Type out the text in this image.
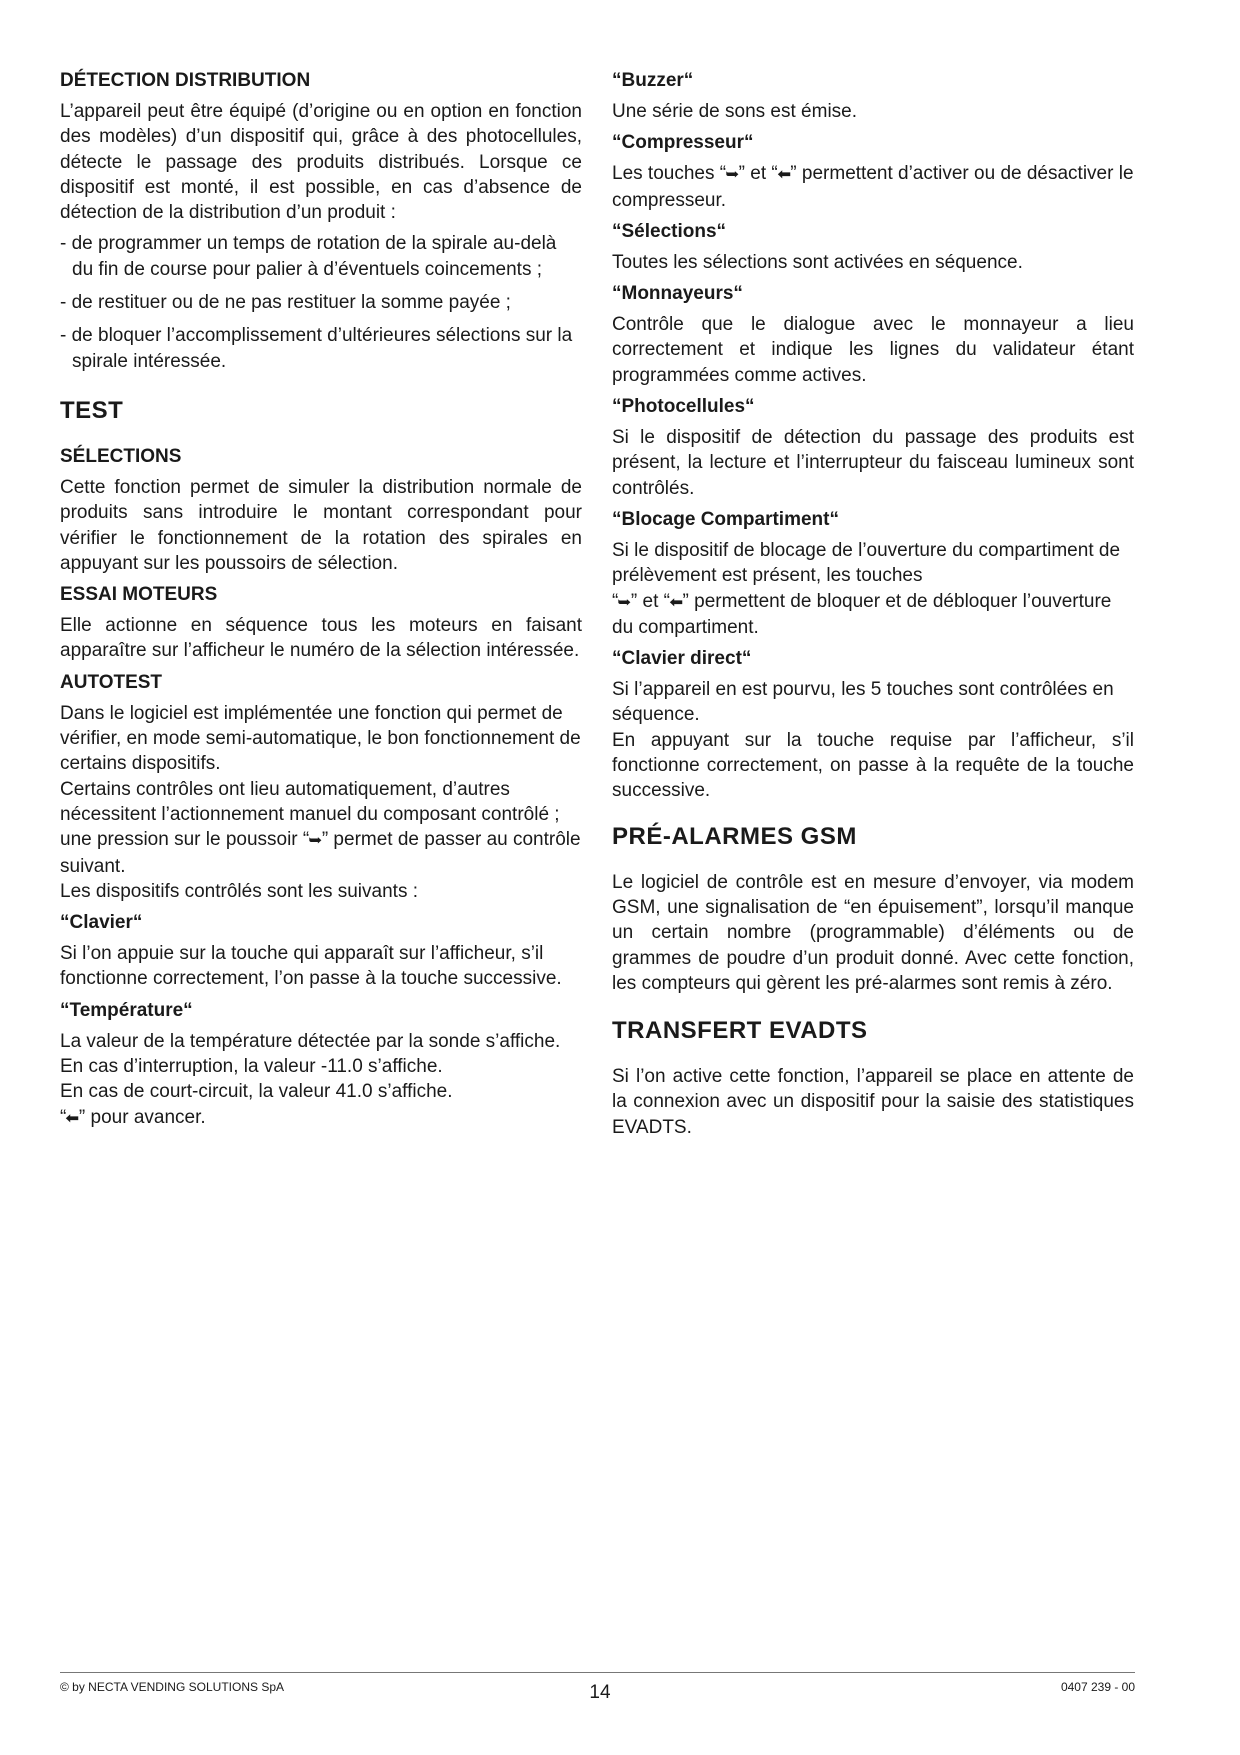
DÉTECTION DISTRIBUTION

L’appareil peut être équipé (d’origine ou en option en fonction des modèles) d’un dispositif qui, grâce à des photocellules, détecte le passage des produits distribués. Lorsque ce dispositif est monté, il est possible, en cas d’absence de détection de la distribution d’un produit :

- de programmer un temps de rotation de la spirale au-delà du fin de course pour palier à d’éventuels coincements ;

- de restituer ou de ne pas restituer la somme payée ;

- de bloquer l’accomplissement d’ultérieures sélections sur la spirale intéressée.

TEST
SÉLECTIONS

Cette fonction permet de simuler la distribution normale de produits sans introduire le montant correspondant pour vérifier le fonctionnement de la rotation des spirales en appuyant sur les poussoirs de sélection.

ESSAI MOTEURS

Elle actionne en séquence tous les moteurs en faisant apparaître sur l’afficheur le numéro de la sélection intéressée.

AUTOTEST

Dans le logiciel est implémentée une fonction qui permet de vérifier, en mode semi-automatique, le bon fonctionnement de certains dispositifs.

Certains contrôles ont lieu automatiquement, d’autres nécessitent l’actionnement manuel du composant contrôlé ; une pression sur le poussoir “➥” permet de passer au contrôle suivant.

Les dispositifs contrôlés sont les suivants :

“Clavier“

Si l’on appuie sur la touche qui apparaît sur l’afficheur, s’il fonctionne correctement, l’on passe à la touche successive.

“Température“

La valeur de la température détectée par la sonde s’affiche.

En cas d’interruption, la valeur -11.0 s’affiche.

En cas de court-circuit, la valeur 41.0 s’affiche.

“⬅” pour avancer.

“Buzzer“

Une série de sons est émise.

“Compresseur“

Les touches “➥” et “⬅” permettent d’activer ou de désactiver le compresseur.

“Sélections“

Toutes les sélections sont activées en séquence.

“Monnayeurs“

Contrôle que le dialogue avec le monnayeur a lieu correctement et indique les lignes du validateur étant programmées comme actives.

“Photocellules“

Si le dispositif de détection du passage des produits est présent, la lecture et l’interrupteur du faisceau lumineux sont contrôlés.

“Blocage Compartiment“

Si le dispositif de blocage de l’ouverture du compartiment de prélèvement est présent, les touches

“➥” et “⬅” permettent de bloquer et de débloquer l’ouverture du compartiment.

“Clavier direct“

Si l’appareil en est pourvu, les 5 touches sont contrôlées en séquence.

En appuyant sur la touche requise par l’afficheur, s’il fonctionne correctement, on passe à la requête de la touche successive.

PRÉ-ALARMES GSM

Le logiciel de contrôle est en mesure d’envoyer, via modem GSM, une signalisation de “en épuisement”, lorsqu’il manque un certain nombre (programmable) d’éléments ou de grammes de poudre d’un produit donné. Avec cette fonction, les compteurs qui gèrent les pré-alarmes sont remis à zéro.

TRANSFERT EVADTS

Si l’on active cette fonction, l’appareil se place en attente de la connexion avec un dispositif pour la saisie des statistiques EVADTS.

© by NECTA VENDING SOLUTIONS SpA	14	0407 239 - 00
